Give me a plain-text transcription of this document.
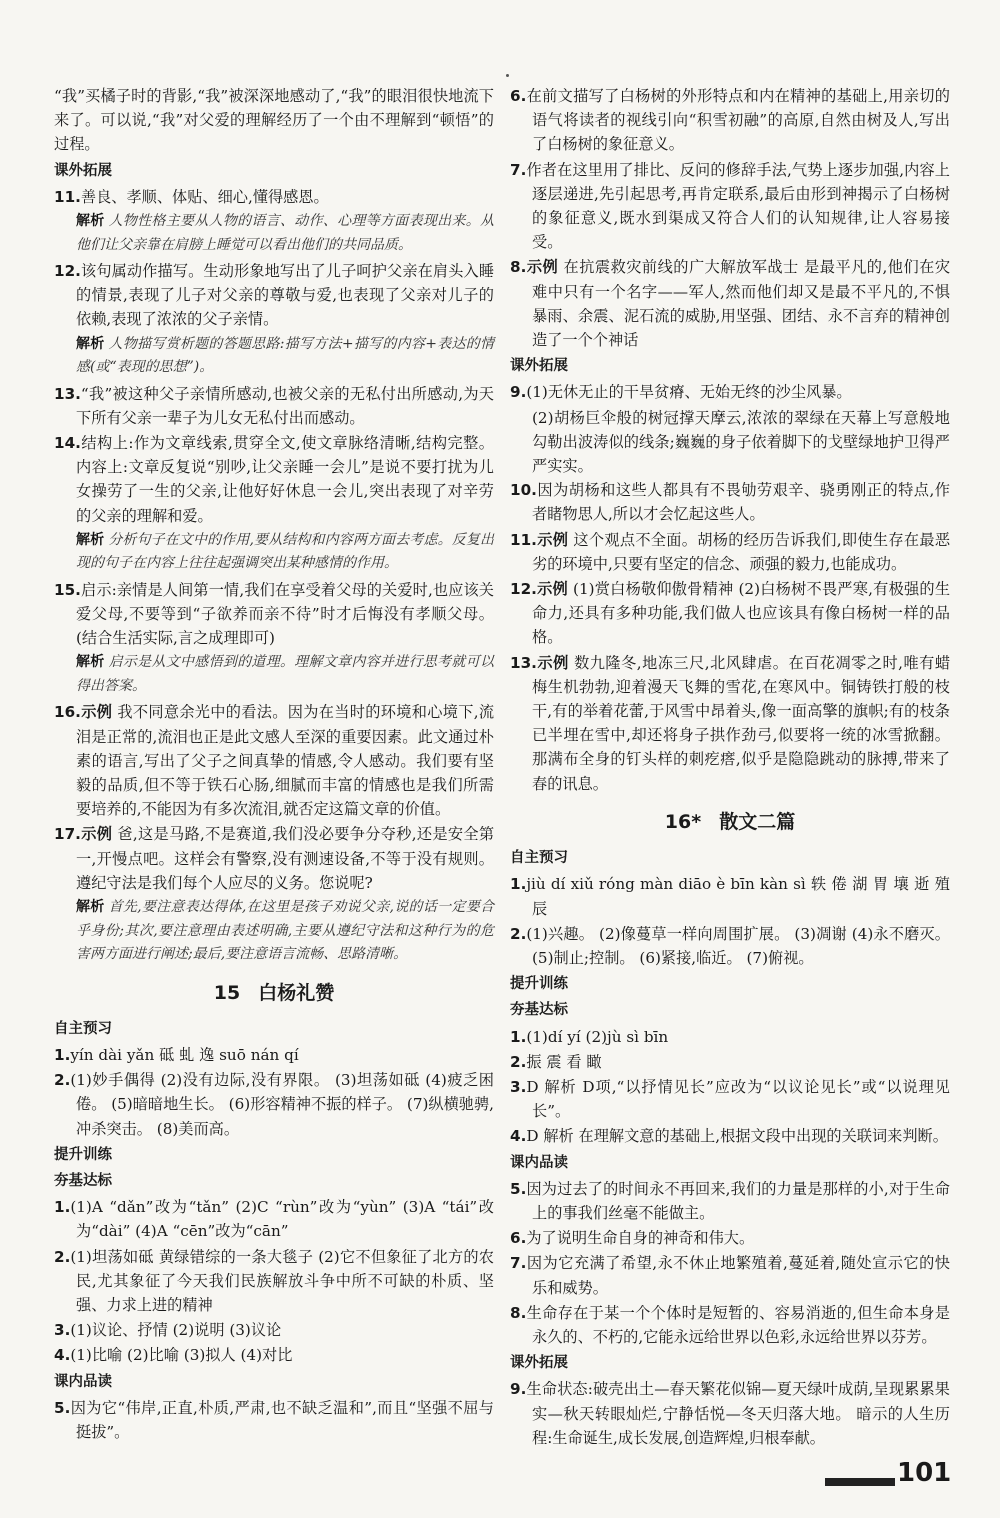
“我”买橘子时的背影,“我”被深深地感动了,“我”的眼泪很快地流下来了。可以说,“我”对父爱的理解经历了一个由不理解到“顿悟”的过程。

课外拓展

11.善良、孝顺、体贴、细心,懂得感恩。

解析 人物性格主要从人物的语言、动作、心理等方面表现出来。从他们让父亲靠在肩膀上睡觉可以看出他们的共同品质。

12.该句属动作描写。生动形象地写出了儿子呵护父亲在肩头入睡的情景,表现了儿子对父亲的尊敬与爱,也表现了父亲对儿子的依赖,表现了浓浓的父子亲情。

解析 人物描写赏析题的答题思路:描写方法+描写的内容+表达的情感(或“表现的思想”)。

13.“我”被这种父子亲情所感动,也被父亲的无私付出所感动,为天下所有父亲一辈子为儿女无私付出而感动。

14.结构上:作为文章线索,贯穿全文,使文章脉络清晰,结构完整。内容上:文章反复说“别吵,让父亲睡一会儿”是说不要打扰为儿女操劳了一生的父亲,让他好好休息一会儿,突出表现了对辛劳的父亲的理解和爱。

解析 分析句子在文中的作用,要从结构和内容两方面去考虑。反复出现的句子在内容上往往起强调突出某种感情的作用。

15.启示:亲情是人间第一情,我们在享受着父母的关爱时,也应该关爱父母,不要等到“子欲养而亲不待”时才后悔没有孝顺父母。(结合生活实际,言之成理即可)

解析 启示是从文中感悟到的道理。理解文章内容并进行思考就可以得出答案。

16.示例 我不同意余光中的看法。因为在当时的环境和心境下,流泪是正常的,流泪也正是此文感人至深的重要因素。此文通过朴素的语言,写出了父子之间真挚的情感,令人感动。我们要有坚毅的品质,但不等于铁石心肠,细腻而丰富的情感也是我们所需要培养的,不能因为有多次流泪,就否定这篇文章的价值。

17.示例 爸,这是马路,不是赛道,我们没必要争分夺秒,还是安全第一,开慢点吧。这样会有警察,没有测速设备,不等于没有规则。遵纪守法是我们每个人应尽的义务。您说呢?

解析 首先,要注意表达得体,在这里是孩子劝说父亲,说的话一定要合乎身份;其次,要注意理由表述明确,主要从遵纪守法和这种行为的危害两方面进行阐述;最后,要注意语言流畅、思路清晰。

15 白杨礼赞
自主预习

1.yín dài yǎn 砥 虬 逸 suō nán qí

2.(1)妙手偶得 (2)没有边际,没有界限。 (3)坦荡如砥 (4)疲乏困倦。 (5)暗暗地生长。 (6)形容精神不振的样子。 (7)纵横驰骋,冲杀突击。 (8)美而高。

提升训练
夯基达标

1.(1)A “dǎn”改为“tǎn” (2)C “rùn”改为“yùn” (3)A “tái”改为“dài” (4)A “cēn”改为“cān”

2.(1)坦荡如砥 黄绿错综的一条大毯子 (2)它不但象征了北方的农民,尤其象征了今天我们民族解放斗争中所不可缺的朴质、坚强、力求上进的精神

3.(1)议论、抒情 (2)说明 (3)议论

4.(1)比喻 (2)比喻 (3)拟人 (4)对比

课内品读

5.因为它“伟岸,正直,朴质,严肃,也不缺乏温和”,而且“坚强不屈与挺拔”。

6.在前文描写了白杨树的外形特点和内在精神的基础上,用亲切的语气将读者的视线引向“积雪初融”的高原,自然由树及人,写出了白杨树的象征意义。

7.作者在这里用了排比、反问的修辞手法,气势上逐步加强,内容上逐层递进,先引起思考,再肯定联系,最后由形到神揭示了白杨树的象征意义,既水到渠成又符合人们的认知规律,让人容易接受。

8.示例 在抗震救灾前线的广大解放军战士 是最平凡的,他们在灾难中只有一个名字——军人,然而他们却又是最不平凡的,不惧暴雨、余震、泥石流的威胁,用坚强、团结、永不言弃的精神创造了一个个神话

课外拓展

9.(1)无休无止的干旱贫瘠、无始无终的沙尘风暴。

(2)胡杨巨伞般的树冠撑天摩云,浓浓的翠绿在天幕上写意般地勾勒出波涛似的线条;巍巍的身子依着脚下的戈壁绿地护卫得严严实实。

10.因为胡杨和这些人都具有不畏劬劳艰辛、骁勇刚正的特点,作者睹物思人,所以才会忆起这些人。

11.示例 这个观点不全面。胡杨的经历告诉我们,即使生存在最恶劣的环境中,只要有坚定的信念、顽强的毅力,也能成功。

12.示例 (1)赏白杨敬仰傲骨精神 (2)白杨树不畏严寒,有极强的生命力,还具有多种功能,我们做人也应该具有像白杨树一样的品格。

13.示例 数九隆冬,地冻三尺,北风肆虐。在百花凋零之时,唯有蜡梅生机勃勃,迎着漫天飞舞的雪花,在寒风中。铜铸铁打般的枝干,有的举着花蕾,于风雪中昂着头,像一面高擎的旗帜;有的枝条已半埋在雪中,却还将身子拱作劲弓,似要将一统的冰雪掀翻。那满布全身的钉头样的刺疙瘩,似乎是隐隐跳动的脉搏,带来了春的讯息。

16* 散文二篇
自主预习

1.jiù dí xiǔ róng màn diāo è bīn kàn sì 轶 倦 湖 胃 壤 逝 殖 辰

2.(1)兴趣。 (2)像蔓草一样向周围扩展。 (3)凋谢 (4)永不磨灭。 (5)制止;控制。 (6)紧接,临近。 (7)俯视。

提升训练
夯基达标

1.(1)dí yí (2)jù sì bīn

2.振 震 看 瞰

3.D 解析 D项,“以抒情见长”应改为“以议论见长”或“以说理见长”。

4.D 解析 在理解文意的基础上,根据文段中出现的关联词来判断。

课内品读

5.因为过去了的时间永不再回来,我们的力量是那样的小,对于生命上的事我们丝毫不能做主。

6.为了说明生命自身的神奇和伟大。

7.因为它充满了希望,永不休止地繁殖着,蔓延着,随处宣示它的快乐和威势。

8.生命存在于某一个个体时是短暂的、容易消逝的,但生命本身是永久的、不朽的,它能永远给世界以色彩,永远给世界以芬芳。

课外拓展

9.生命状态:破壳出土—春天繁花似锦—夏天绿叶成荫,呈现累累果实—秋天转眼灿烂,宁静恬悦—冬天归落大地。 暗示的人生历程:生命诞生,成长发展,创造辉煌,归根奉献。

101
